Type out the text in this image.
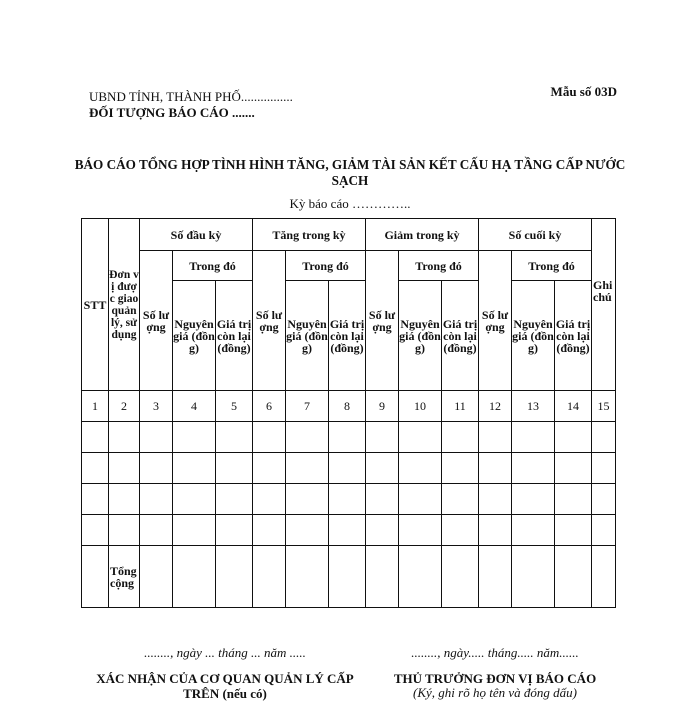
UBND TỈNH, THÀNH PHỐ................
ĐỐI TƯỢNG BÁO CÁO .......
Mẫu số 03D
BÁO CÁO TỔNG HỢP TÌNH HÌNH TĂNG, GIẢM TÀI SẢN KẾT CẤU HẠ TẦNG CẤP NƯỚC SẠCH
Kỳ báo cáo …………..
STT	Đơn vị được giao quản lý, sử dụng	Số đầu kỳ			Tăng trong kỳ			Giảm trong kỳ			Số cuối kỳ			Ghi chú
		Số lượng	Trong đó		Số lượng	Trong đó		Số lượng	Trong đó		Số lượng	Trong đó		
			Nguyên giá (đồng)	Giá trị còn lại (đồng)		Nguyên giá (đồng)	Giá trị còn lại (đồng)		Nguyên giá (đồng)	Giá trị còn lại (đồng)		Nguyên giá (đồng)	Giá trị còn lại (đồng)	
1	2	3	4	5	6	7	8	9	10	11	12	13	14	15

	Tổng cộng													
........, ngày ... tháng ... năm .....
XÁC NHẬN CỦA CƠ QUAN QUẢN LÝ CẤP TRÊN (nếu có)
........, ngày..... tháng..... năm......
THỦ TRƯỞNG ĐƠN VỊ BÁO CÁO
(Ký, ghi rõ họ tên và đóng dấu)
